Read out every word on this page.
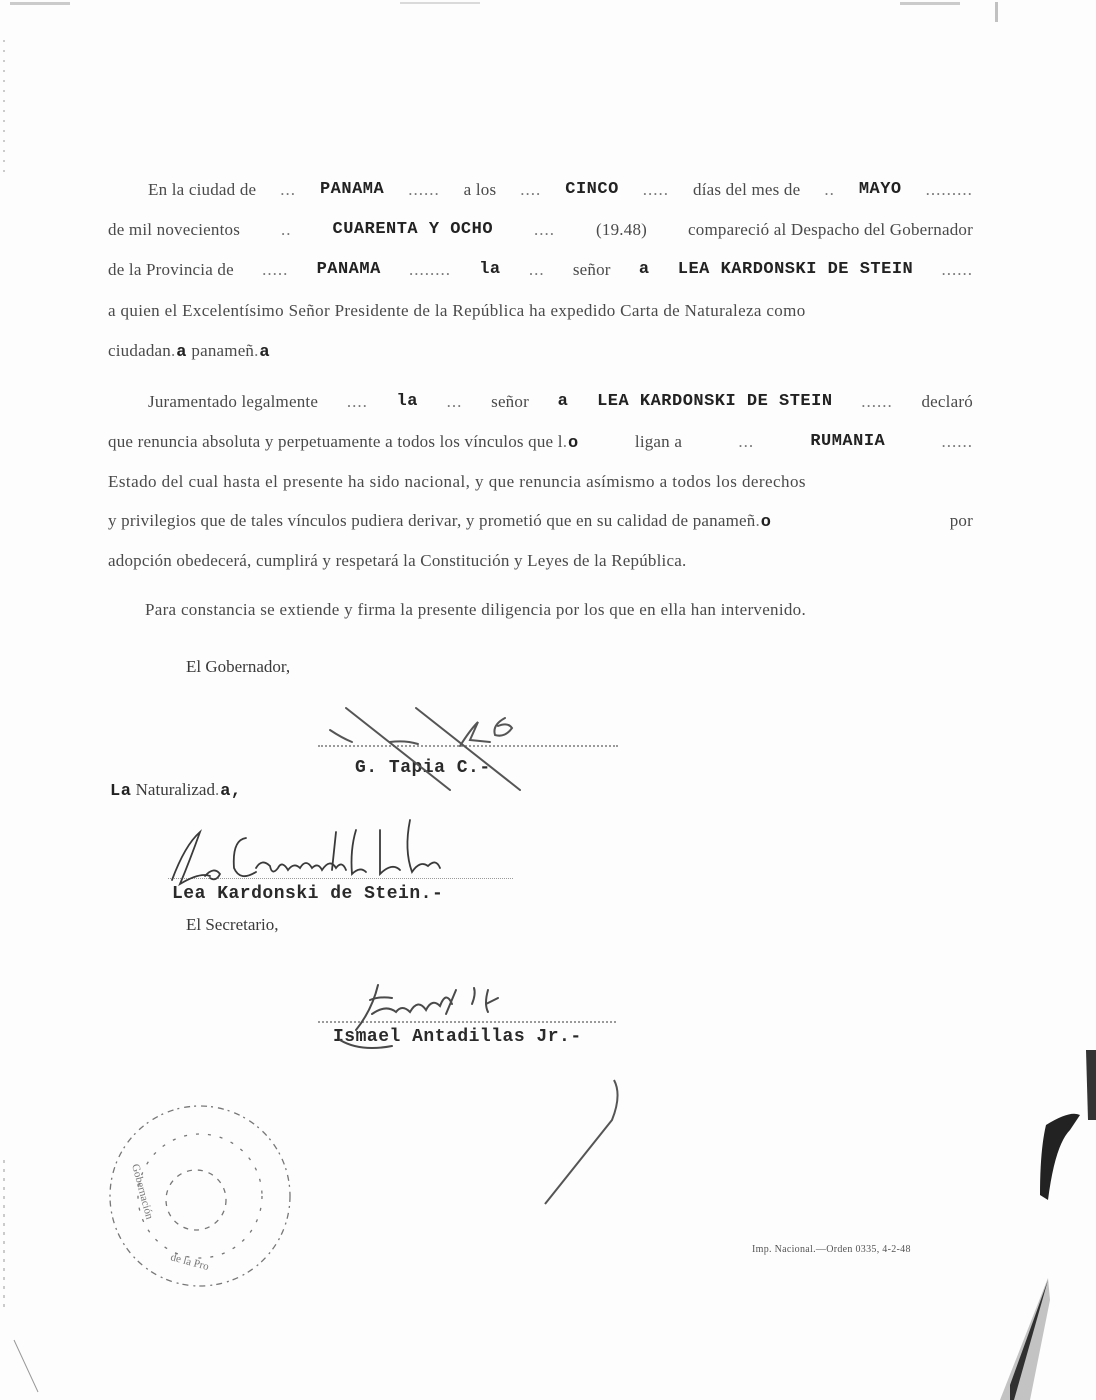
En la ciudad de ... PANAMA ...... a los .... CINCO ..... días del mes de .. MAYO .........
de mil novecientos .. CUARENTA Y OCHO .... (19.48) compareció al Despacho del Gobernador
de la Provincia de ..... PANAMA ........ la ... señor a LEA KARDONSKI DE STEIN ......
a quien el Excelentísimo Señor Presidente de la República ha expedido Carta de Naturaleza como
ciudadan.a panameñ.a
Juramentado legalmente .... la ... señor a LEA KARDONSKI DE STEIN ...... declaró
que renuncia absoluta y perpetuamente a todos los vínculos que l.o	ligan a	...	RUMANIA	......
Estado del cual hasta el presente ha sido nacional, y que renuncia asímismo a todos los derechos
y privilegios que de tales vínculos pudiera derivar, y prometió que en su calidad de panameñ.o	por
adopción obedecerá, cumplirá y respetará la Constitución y Leyes de la República.
Para constancia se extiende y firma la presente diligencia por los que en ella han intervenido.
El Gobernador,
G. Tapia C.-
La Naturalizad.a,
Lea Kardonski de Stein.-
El Secretario,
Ismael Antadillas Jr.-
Imp. Nacional.—Orden 0335, 4-2-48
Gobernación
de la Pro
